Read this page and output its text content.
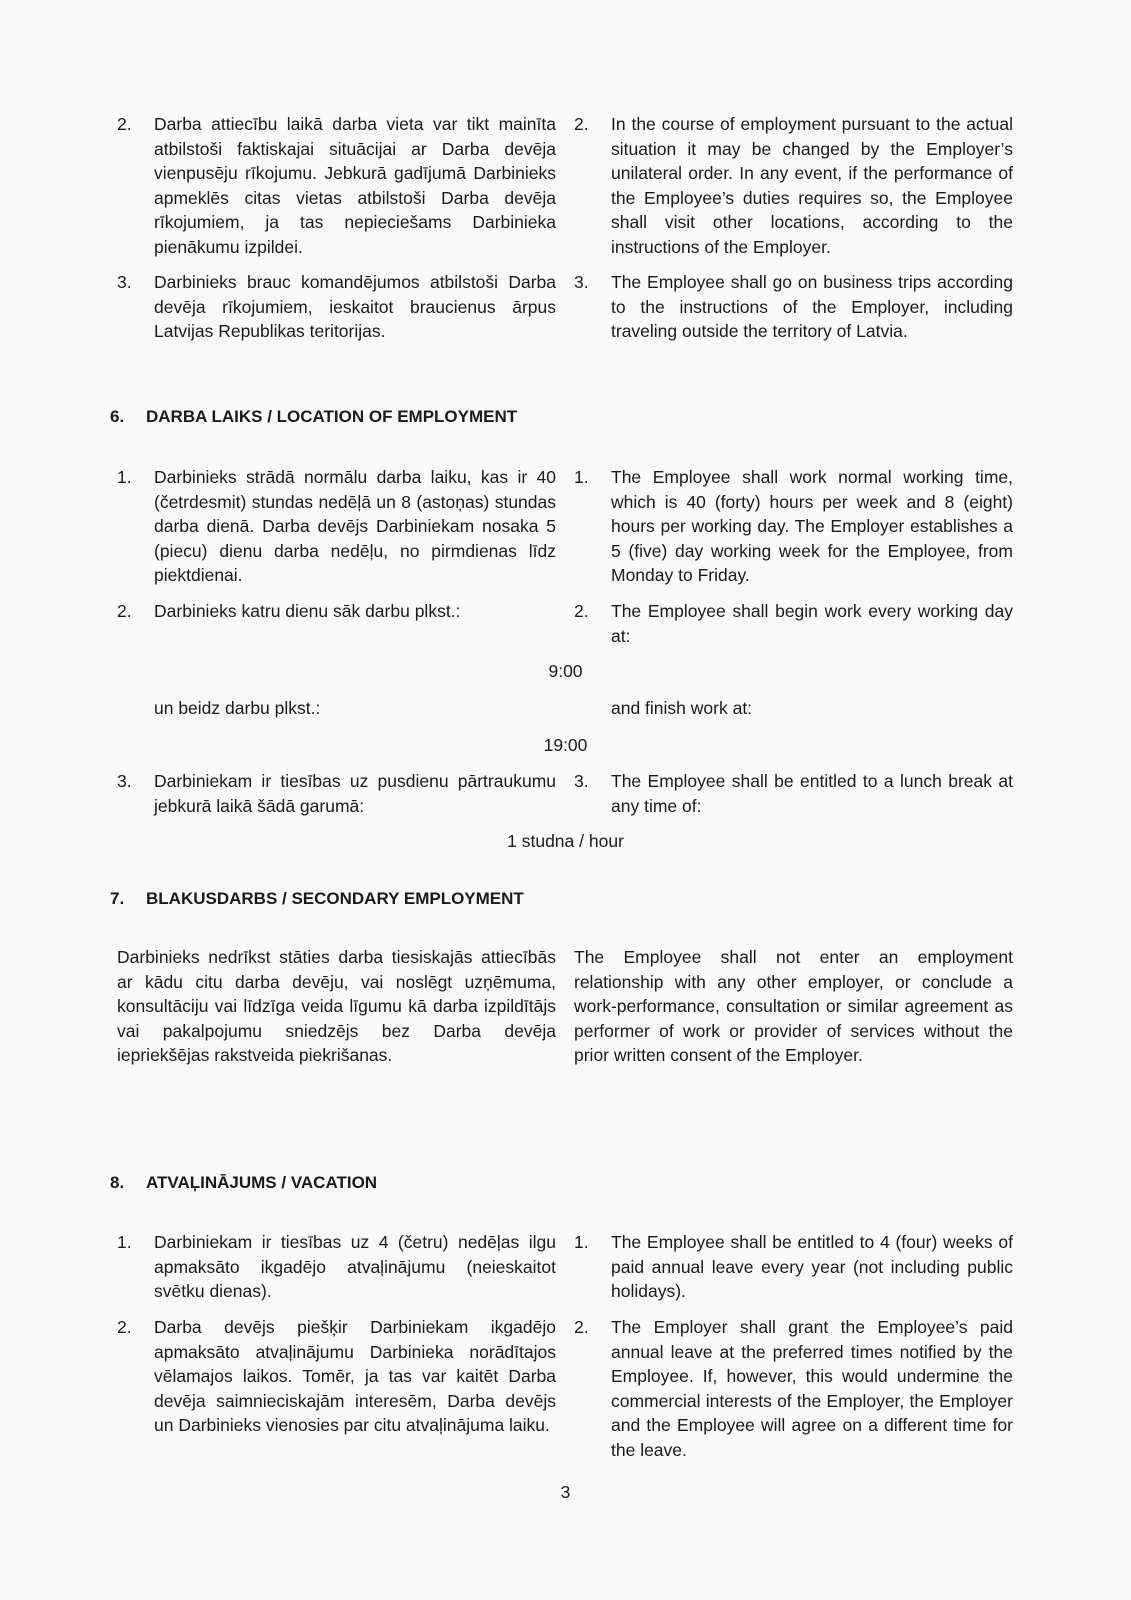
2. Darba attiecību laikā darba vieta var tikt mainīta atbilstoši faktiskajai situācijai ar Darba devēja vienpusēju rīkojumu. Jebkurā gadījumā Darbinieks apmeklēs citas vietas atbilstoši Darba devēja rīkojumiem, ja tas nepieciešams Darbinieka pienākumu izpildei.
2. In the course of employment pursuant to the actual situation it may be changed by the Employer’s unilateral order. In any event, if the performance of the Employee’s duties requires so, the Employee shall visit other locations, according to the instructions of the Employer.
3. Darbinieks brauc komandējumos atbilstoši Darba devēja rīkojumiem, ieskaitot braucienus ārpus Latvijas Republikas teritorijas.
3. The Employee shall go on business trips according to the instructions of the Employer, including traveling outside the territory of Latvia.
6. DARBA LAIKS / LOCATION OF EMPLOYMENT
1. Darbinieks strādā normālu darba laiku, kas ir 40 (četrdesmit) stundas nedēļā un 8 (astoņas) stundas darba dienā. Darba devējs Darbiniekam nosaka 5 (piecu) dienu darba nedēļu, no pirmdienas līdz piektdienai.
1. The Employee shall work normal working time, which is 40 (forty) hours per week and 8 (eight) hours per working day. The Employer establishes a 5 (five) day working week for the Employee, from Monday to Friday.
2. Darbinieks katru dienu sāk darbu plkst.:	2. The Employee shall begin work every working day at:
9:00
un beidz darbu plkst.:	and finish work at:
19:00
3. Darbiniekam ir tiesības uz pusdienu pārtraukumu jebkurā laikā šādā garumā:
3. The Employee shall be entitled to a lunch break at any time of:
1 studna / hour
7. BLAKUSDARBS / SECONDARY EMPLOYMENT
Darbinieks nedrīkst stāties darba tiesiskajās attiecībās ar kādu citu darba devēju, vai noslēgt uzņēmuma, konsultāciju vai līdzīga veida līgumu kā darba izpildītājs vai pakalpojumu sniedzējs bez Darba devēja iepriekšējas rakstveida piekrišanas.
The Employee shall not enter an employment relationship with any other employer, or conclude a work-performance, consultation or similar agreement as performer of work or provider of services without the prior written consent of the Employer.
8. ATVAĻINĀJUMS / VACATION
1. Darbiniekam ir tiesības uz 4 (četru) nedēļas ilgu apmaksāto ikgadējo atvaļinājumu (neieskaitot svētku dienas).
1. The Employee shall be entitled to 4 (four) weeks of paid annual leave every year (not including public holidays).
2. Darba devējs piešķir Darbiniekam ikgadējo apmaksāto atvaļinājumu Darbinieka norādītajos vēlamajos laikos. Tomēr, ja tas var kaitēt Darba devēja saimnieciskajām interesēm, Darba devējs un Darbinieks vienosies par citu atvaļinājuma laiku.
2. The Employer shall grant the Employee’s paid annual leave at the preferred times notified by the Employee. If, however, this would undermine the commercial interests of the Employer, the Employer and the Employee will agree on a different time for the leave.
3
